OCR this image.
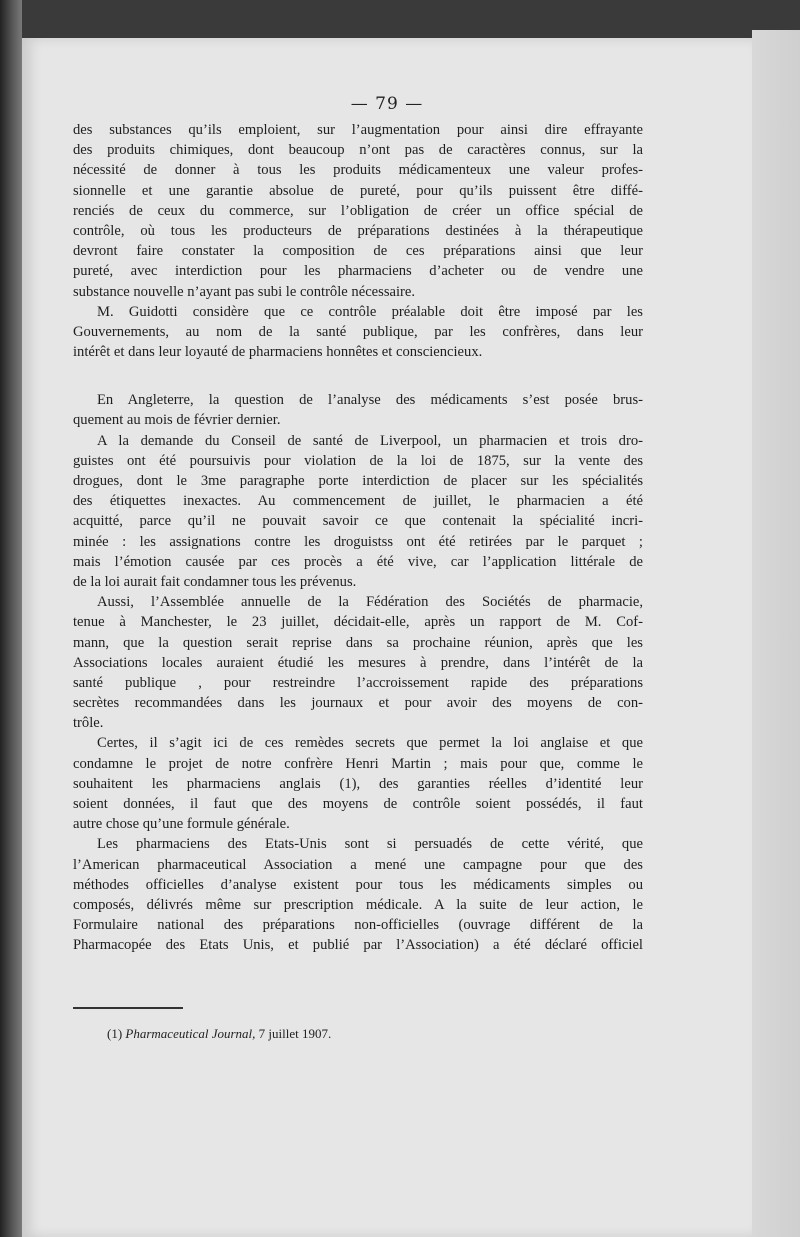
— 79 —
des substances qu’ils emploient, sur l’augmentation pour ainsi dire effrayante
des produits chimiques, dont beaucoup n’ont pas de caractères connus, sur la
nécessité de donner à tous les produits médicamenteux une valeur profes-
sionnelle et une garantie absolue de pureté, pour qu’ils puissent être diffé-
renciés de ceux du commerce, sur l’obligation de créer un office spécial de
contrôle, où tous les producteurs de préparations destinées à la thérapeutique
devront faire constater la composition de ces préparations ainsi que leur
pureté, avec interdiction pour les pharmaciens d’acheter ou de vendre une
substance nouvelle n’ayant pas subi le contrôle nécessaire.
M. Guidotti considère que ce contrôle préalable doit être imposé par les
Gouvernements, au nom de la santé publique, par les confrères, dans leur
intérêt et dans leur loyauté de pharmaciens honnêtes et consciencieux.
En Angleterre, la question de l’analyse des médicaments s’est posée brus-
quement au mois de février dernier.
A la demande du Conseil de santé de Liverpool, un pharmacien et trois dro-
guistes ont été poursuivis pour violation de la loi de 1875, sur la vente des
drogues, dont le 3me paragraphe porte interdiction de placer sur les spécialités
des étiquettes inexactes. Au commencement de juillet, le pharmacien a été
acquitté, parce qu’il ne pouvait savoir ce que contenait la spécialité incri-
minée : les assignations contre les droguistss ont été retirées par le parquet ;
mais l’émotion causée par ces procès a été vive, car l’application littérale de
de la loi aurait fait condamner tous les prévenus.
Aussi, l’Assemblée annuelle de la Fédération des Sociétés de pharmacie,
tenue à Manchester, le 23 juillet, décidait-elle, après un rapport de M. Cof-
mann, que la question serait reprise dans sa prochaine réunion, après que les
Associations locales auraient étudié les mesures à prendre, dans l’intérêt de la
santé publique , pour restreindre l’accroissement rapide des préparations
secrètes recommandées dans les journaux et pour avoir des moyens de con-
trôle.
Certes, il s’agit ici de ces remèdes secrets que permet la loi anglaise et que
condamne le projet de notre confrère Henri Martin ; mais pour que, comme le
souhaitent les pharmaciens anglais (1), des garanties réelles d’identité leur
soient données, il faut que des moyens de contrôle soient possédés, il faut
autre chose qu’une formule générale.
Les pharmaciens des Etats-Unis sont si persuadés de cette vérité, que
l’American pharmaceutical Association a mené une campagne pour que des
méthodes officielles d’analyse existent pour tous les médicaments simples ou
composés, délivrés même sur prescription médicale. A la suite de leur action, le
Formulaire national des préparations non-officielles (ouvrage différent de la
Pharmacopée des Etats Unis, et publié par l’Association) a été déclaré officiel
(1) Pharmaceutical Journal, 7 juillet 1907.
